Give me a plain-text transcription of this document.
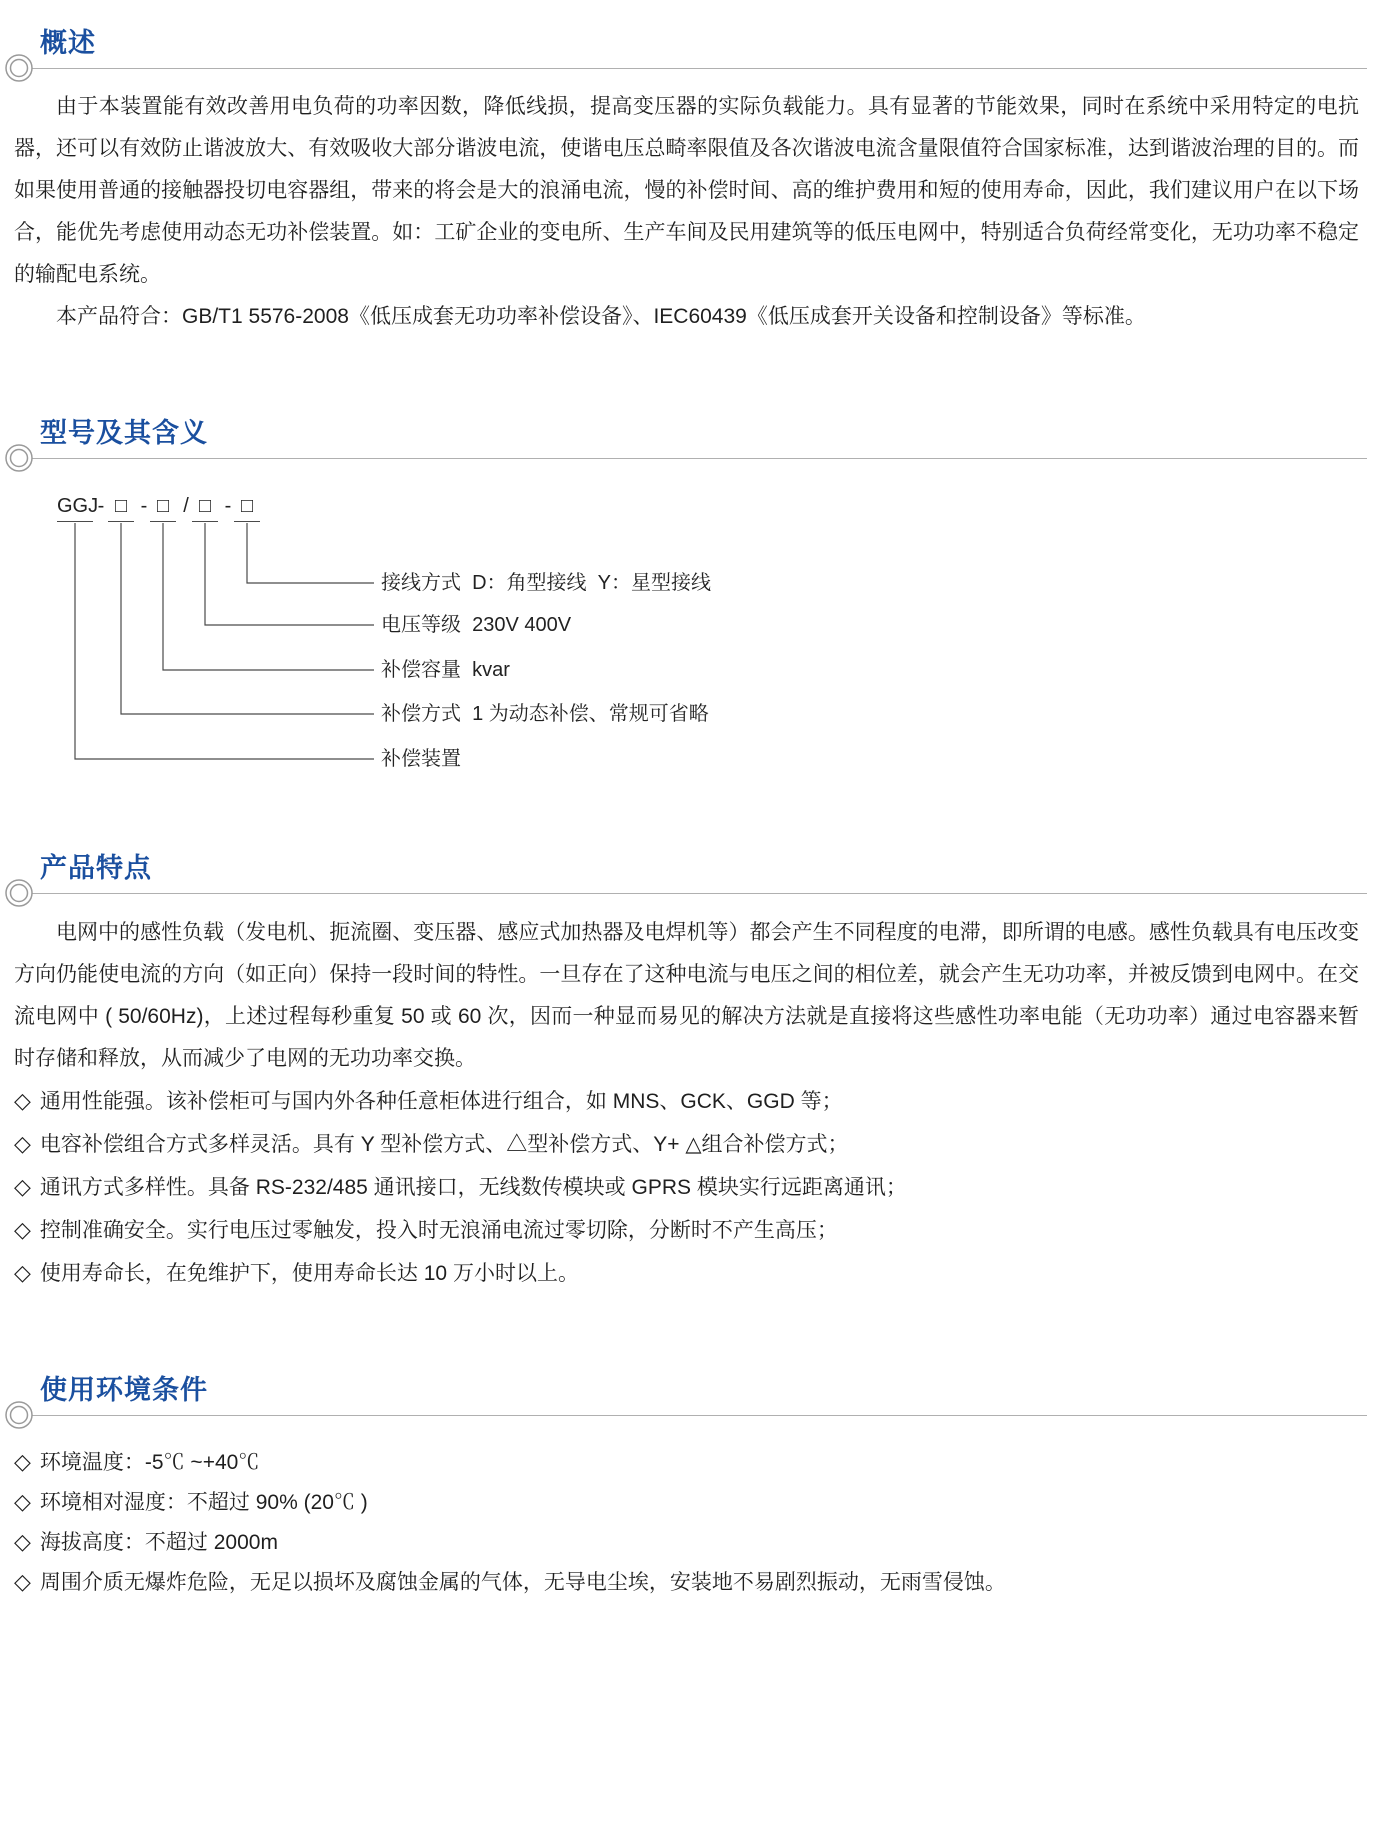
概述

由于本装置能有效改善用电负荷的功率因数，降低线损，提高变压器的实际负载能力。具有显著的节能效果，同时在系统中采用特定的电抗器，还可以有效防止谐波放大、有效吸收大部分谐波电流，使谐电压总畸率限值及各次谐波电流含量限值符合国家标准，达到谐波治理的目的。而如果使用普通的接触器投切电容器组，带来的将会是大的浪涌电流，慢的补偿时间、高的维护费用和短的使用寿命，因此，我们建议用户在以下场合，能优先考虑使用动态无功补偿装置。如：工矿企业的变电所、生产车间及民用建筑等的低压电网中，特别适合负荷经常变化，无功功率不稳定的输配电系统。

本产品符合：GB/T1 5576-2008《低压成套无功功率补偿设备》、IEC60439《低压成套开关设备和控制设备》等标准。

型号及其含义
GGJ - □ - □ / □ - □
接线方式  D：角型接线  Y：星型接线
电压等级  230V 400V
补偿容量  kvar
补偿方式  1 为动态补偿、常规可省略
补偿装置
产品特点

电网中的感性负载（发电机、扼流圈、变压器、感应式加热器及电焊机等）都会产生不同程度的电滞，即所谓的电感。感性负载具有电压改变方向仍能使电流的方向（如正向）保持一段时间的特性。一旦存在了这种电流与电压之间的相位差，就会产生无功功率，并被反馈到电网中。在交流电网中 ( 50/60Hz)，上述过程每秒重复 50 或 60 次，因而一种显而易见的解决方法就是直接将这些感性功率电能（无功功率）通过电容器来暂时存储和释放，从而减少了电网的无功功率交换。

◇ 通用性能强。该补偿柜可与国内外各种任意柜体进行组合，如 MNS、GCK、GGD 等；
◇ 电容补偿组合方式多样灵活。具有 Y 型补偿方式、△型补偿方式、Y+ △组合补偿方式；
◇ 通讯方式多样性。具备 RS-232/485 通讯接口，无线数传模块或 GPRS 模块实行远距离通讯；
◇ 控制准确安全。实行电压过零触发，投入时无浪涌电流过零切除，分断时不产生高压；
◇ 使用寿命长，在免维护下，使用寿命长达 10 万小时以上。
使用环境条件
◇ 环境温度：-5℃ ~+40℃
◇ 环境相对湿度：不超过 90% (20℃ )
◇ 海拔高度：不超过 2000m
◇ 周围介质无爆炸危险，无足以损坏及腐蚀金属的气体，无导电尘埃，安装地不易剧烈振动，无雨雪侵蚀。
